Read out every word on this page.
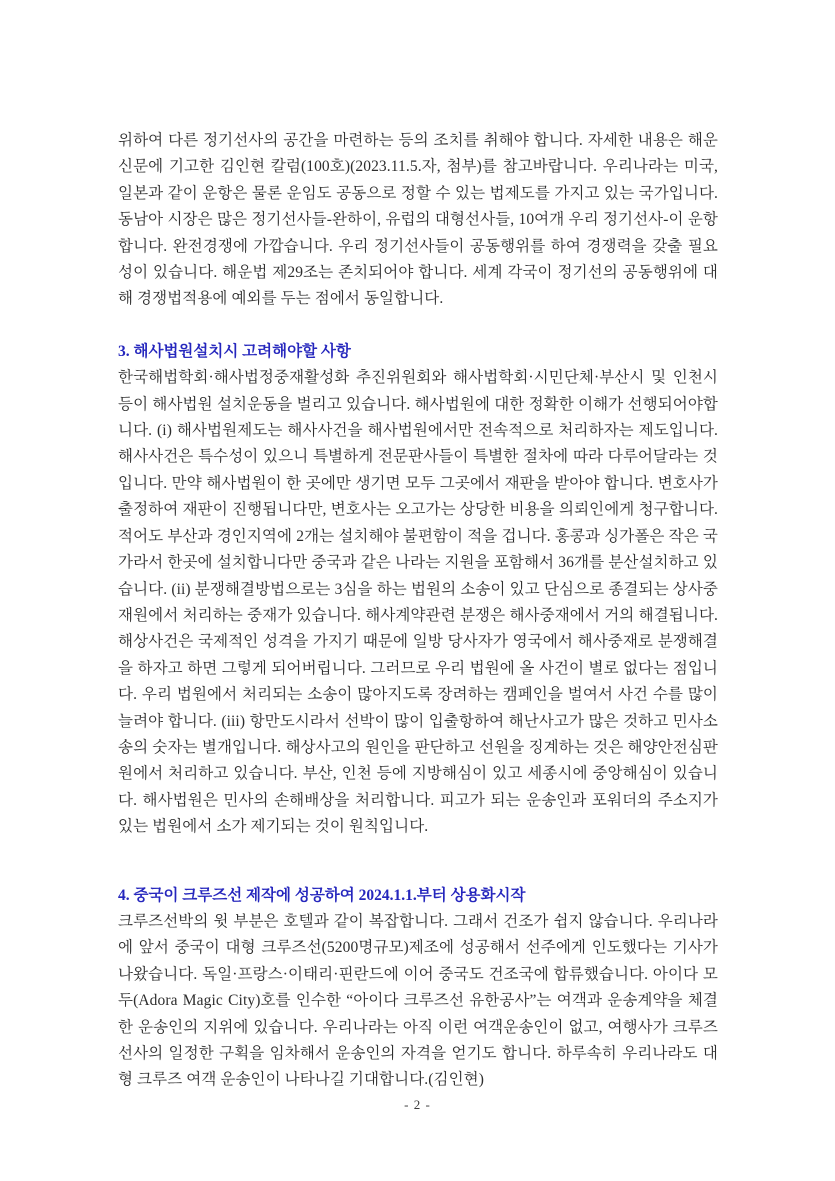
위하여 다른 정기선사의 공간을 마련하는 등의 조치를 취해야 합니다. 자세한 내용은 해운신문에 기고한 김인현 칼럼(100호)(2023.11.5.자, 첨부)를 참고바랍니다. 우리나라는 미국, 일본과 같이 운항은 물론 운임도 공동으로 정할 수 있는 법제도를 가지고 있는 국가입니다. 동남아 시장은 많은 정기선사들-완하이, 유럽의 대형선사들, 10여개 우리 정기선사-이 운항합니다. 완전경쟁에 가깝습니다. 우리 정기선사들이 공동행위를 하여 경쟁력을 갖출 필요성이 있습니다. 해운법 제29조는 존치되어야 합니다. 세계 각국이 정기선의 공동행위에 대해 경쟁법적용에 예외를 두는 점에서 동일합니다.

3. 해사법원설치시 고려해야할 사항

한국해법학회·해사법정중재활성화 추진위원회와 해사법학회·시민단체·부산시 및 인천시 등이 해사법원 설치운동을 벌리고 있습니다. 해사법원에 대한 정확한 이해가 선행되어야합니다. (i) 해사법원제도는 해사사건을 해사법원에서만 전속적으로 처리하자는 제도입니다. 해사사건은 특수성이 있으니 특별하게 전문판사들이 특별한 절차에 따라 다루어달라는 것입니다. 만약 해사법원이 한 곳에만 생기면 모두 그곳에서 재판을 받아야 합니다. 변호사가 출정하여 재판이 진행됩니다만, 변호사는 오고가는 상당한 비용을 의뢰인에게 청구합니다. 적어도 부산과 경인지역에 2개는 설치해야 불편함이 적을 겁니다. 홍콩과 싱가폴은 작은 국가라서 한곳에 설치합니다만 중국과 같은 나라는 지원을 포함해서 36개를 분산설치하고 있습니다. (ii) 분쟁해결방법으로는 3심을 하는 법원의 소송이 있고 단심으로 종결되는 상사중재원에서 처리하는 중재가 있습니다. 해사계약관련 분쟁은 해사중재에서 거의 해결됩니다. 해상사건은 국제적인 성격을 가지기 때문에 일방 당사자가 영국에서 해사중재로 분쟁해결을 하자고 하면 그렇게 되어버립니다. 그러므로 우리 법원에 올 사건이 별로 없다는 점입니다. 우리 법원에서 처리되는 소송이 많아지도록 장려하는 캠페인을 벌여서 사건 수를 많이 늘려야 합니다. (iii) 항만도시라서 선박이 많이 입출항하여 해난사고가 많은 것하고 민사소송의 숫자는 별개입니다. 해상사고의 원인을 판단하고 선원을 징계하는 것은 해양안전심판원에서 처리하고 있습니다. 부산, 인천 등에 지방해심이 있고 세종시에 중앙해심이 있습니다. 해사법원은 민사의 손해배상을 처리합니다. 피고가 되는 운송인과 포워더의 주소지가 있는 법원에서 소가 제기되는 것이 원칙입니다.

4. 중국이 크루즈선 제작에 성공하여 2024.1.1.부터 상용화시작

크루즈선박의 윗 부분은 호텔과 같이 복잡합니다. 그래서 건조가 쉽지 않습니다. 우리나라에 앞서 중국이 대형 크루즈선(5200명규모)제조에 성공해서 선주에게 인도했다는 기사가 나왔습니다. 독일·프랑스·이태리·핀란드에 이어 중국도 건조국에 합류했습니다. 아이다 모두(Adora Magic City)호를 인수한 “아이다 크루즈선 유한공사”는 여객과 운송계약을 체결한 운송인의 지위에 있습니다. 우리나라는 아직 이런 여객운송인이 없고, 여행사가 크루즈선사의 일정한 구획을 임차해서 운송인의 자격을 얻기도 합니다. 하루속히 우리나라도 대형 크루즈 여객 운송인이 나타나길 기대합니다.(김인현)

- 2 -
